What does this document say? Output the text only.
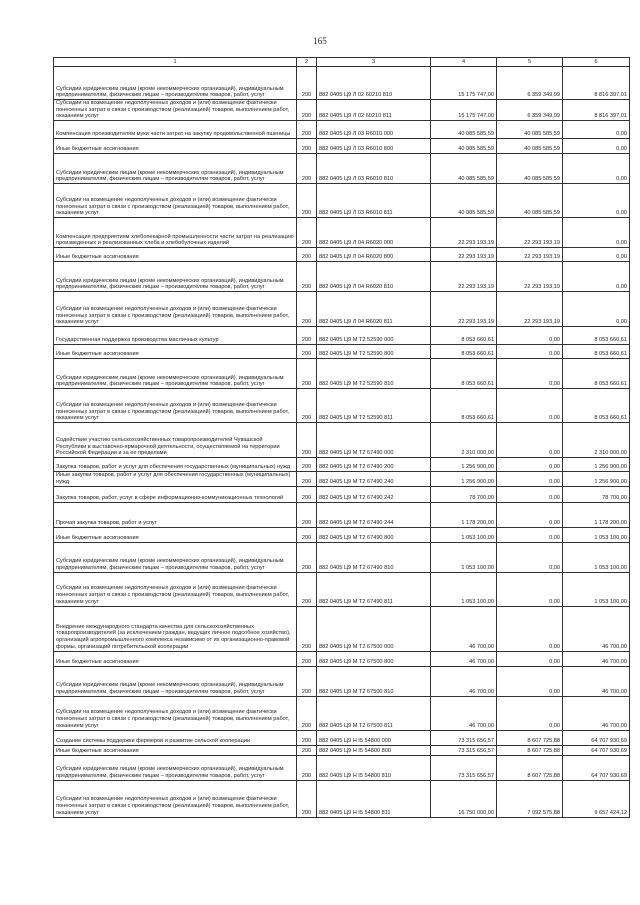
165
1	2	3	4	5	6
Субсидии юридическим лицам (кроме некоммерческих организаций), индивидуальным предпринимателям, физическим лицам – производителям товаров, работ, услуг	200	882 0405 Ц9 Л 02 60210 810	15 175 747,00	6 359 349,99	8 816 397,01
Субсидии на возмещение недополученных доходов и (или) возмещение фактически понесенных затрат в связи с производством (реализацией) товаров, выполнением работ, оказанием услуг	200	882 0405 Ц9 Л 02 60210 811	15 175 747,00	6 359 349,99	8 816 397,01
Компенсация производителям муки части затрат на закупку продовольственной пшеницы	200	882 0405 Ц9 Л 03 R6010 000	40 085 585,59	40 085 585,59	0,00
Иные бюджетные ассигнования	200	882 0405 Ц9 Л 03 R6010 800	40 085 585,59	40 085 585,59	0,00
Субсидии юридическим лицам (кроме некоммерческих организаций), индивидуальным предпринимателям, физическим лицам – производителям товаров, работ, услуг	200	882 0405 Ц9 Л 03 R6010 810	40 085 585,59	40 085 585,59	0,00
Субсидии на возмещение недополученных доходов и (или) возмещение фактически понесенных затрат в связи с производством (реализацией) товаров, выполнением работ, оказанием услуг	200	882 0405 Ц9 Л 03 R6010 811	40 085 585,59	40 085 585,59	0,00
Компенсация предприятиям хлебопекарной промышленности части затрат на реализацию произведенных и реализованных хлеба и хлебобулочных изделий	200	882 0405 Ц9 Л 04 R6020 000	22 293 193,19	22 293 193,19	0,00
Иные бюджетные ассигнования	200	882 0405 Ц9 Л 04 R6020 800	22 293 193,19	22 293 193,19	0,00
Субсидии юридическим лицам (кроме некоммерческих организаций), индивидуальным предпринимателям, физическим лицам – производителям товаров, работ, услуг	200	882 0405 Ц9 Л 04 R6020 810	22 293 193,19	22 293 193,19	0,00
Субсидии на возмещение недополученных доходов и (или) возмещение фактически понесенных затрат в связи с производством (реализацией) товаров, выполнением работ, оказанием услуг	200	882 0405 Ц9 Л 04 R6020 811	22 293 193,19	22 293 193,19	0,00
Государственная поддержка производства масличных культур	200	882 0405 Ц9 М Т2 52590 000	8 053 660,61	0,00	8 053 660,61
Иные бюджетные ассигнования	200	882 0405 Ц9 М Т2 52590 800	8 053 660,61	0,00	8 053 660,61
Субсидии юридическим лицам (кроме некоммерческих организаций), индивидуальным предпринимателям, физическим лицам – производителям товаров, работ, услуг	200	882 0405 Ц9 М Т2 52590 810	8 053 660,61	0,00	8 053 660,61
Субсидии на возмещение недополученных доходов и (или) возмещение фактически понесенных затрат в связи с производством (реализацией) товаров, выполнением работ, оказанием услуг	200	882 0405 Ц9 М Т2 52590 811	8 053 660,61	0,00	8 053 660,61
Содействие участию сельскохозяйственных товаропроизводителей Чувашской Республики в выставочно-ярмарочной деятельности, осуществляемой на территории Российской Федерации и за ее пределами	200	882 0405 Ц9 М Т2 67490 000	2 310 000,00	0,00	2 310 000,00
Закупка товаров, работ и услуг для обеспечения государственных (муниципальных) нужд	200	882 0405 Ц9 М Т2 67490 200	1 256 900,00	0,00	1 256 900,00
Иные закупки товаров, работ и услуг для обеспечения государственных (муниципальных) нужд	200	882 0405 Ц9 М Т2 67490 240	1 256 900,00	0,00	1 256 900,00
Закупка товаров, работ, услуг в сфере информационно-коммуникационных технологий	200	882 0405 Ц9 М Т2 67490 242	78 700,00	0,00	78 700,00
Прочая закупка товаров, работ и услуг	200	882 0405 Ц9 М Т2 67490 244	1 178 200,00	0,00	1 178 200,00
Иные бюджетные ассигнования	200	882 0405 Ц9 М Т2 67490 800	1 053 100,00	0,00	1 053 100,00
Субсидии юридическим лицам (кроме некоммерческих организаций), индивидуальным предпринимателям, физическим лицам – производителям товаров, работ, услуг	200	882 0405 Ц9 М Т2 67490 810	1 053 100,00	0,00	1 053 100,00
Субсидии на возмещение недополученных доходов и (или) возмещение фактически понесенных затрат в связи с производством (реализацией) товаров, выполнением работ, оказанием услуг	200	882 0405 Ц9 М Т2 67490 811	1 053 100,00	0,00	1 053 100,00
Внедрение международного стандарта качества для сельскохозяйственных товаропроизводителей (за исключением граждан, ведущих личное подсобное хозяйство), организаций агропромышленного комплекса независимо от их организационно-правовой формы, организаций потребительской кооперации	200	882 0405 Ц9 М Т2 67500 000	46 700,00	0,00	46 700,00
Иные бюджетные ассигнования	200	882 0405 Ц9 М Т2 67500 800	46 700,00	0,00	46 700,00
Субсидии юридическим лицам (кроме некоммерческих организаций), индивидуальным предпринимателям, физическим лицам – производителям товаров, работ, услуг	200	882 0405 Ц9 М Т2 67500 810	46 700,00	0,00	46 700,00
Субсидии на возмещение недополученных доходов и (или) возмещение фактически понесенных затрат в связи с производством (реализацией) товаров, выполнением работ, оказанием услуг	200	882 0405 Ц9 М Т2 67500 811	46 700,00	0,00	46 700,00
Создание системы поддержки фермеров и развитие сельской кооперации	200	882 0405 Ц9 Н I5 54800 000	73 315 656,57	8 607 725,88	64 707 930,69
Иные бюджетные ассигнования	200	882 0405 Ц9 Н I5 54800 800	73 315 656,57	8 607 725,88	64 707 930,69
Субсидии юридическим лицам (кроме некоммерческих организаций), индивидуальным предпринимателям, физическим лицам – производителям товаров, работ, услуг	200	882 0405 Ц9 Н I5 54800 810	73 315 656,57	8 607 725,88	64 707 930,69
Субсидии на возмещение недополученных доходов и (или) возмещение фактически понесенных затрат в связи с производством (реализацией) товаров, выполнением работ, оказанием услуг	200	882 0405 Ц9 Н I5 54800 811	16 750 000,00	7 092 575,88	9 657 424,12
